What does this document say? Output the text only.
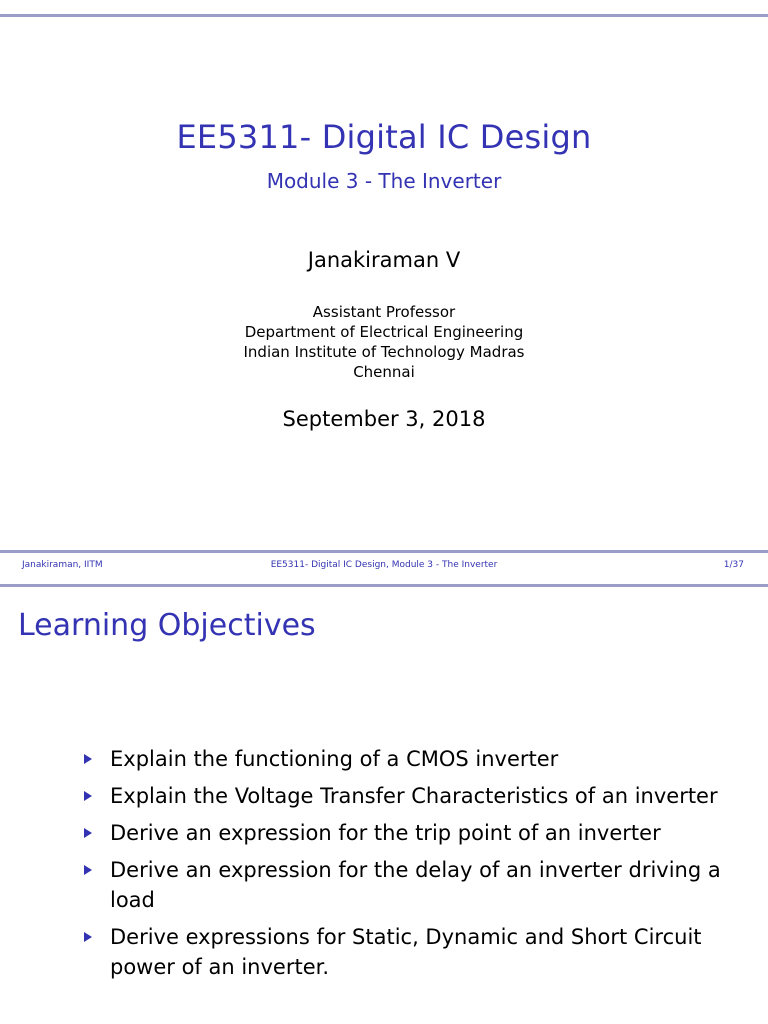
EE5311- Digital IC Design
Module 3 - The Inverter
Janakiraman V
Assistant Professor
Department of Electrical Engineering
Indian Institute of Technology Madras
Chennai
September 3, 2018
Janakiraman, IITM	EE5311- Digital IC Design, Module 3 - The Inverter	1/37
Learning Objectives
Explain the functioning of a CMOS inverter
Explain the Voltage Transfer Characteristics of an inverter
Derive an expression for the trip point of an inverter
Derive an expression for the delay of an inverter driving a load
Derive expressions for Static, Dynamic and Short Circuit power of an inverter.
